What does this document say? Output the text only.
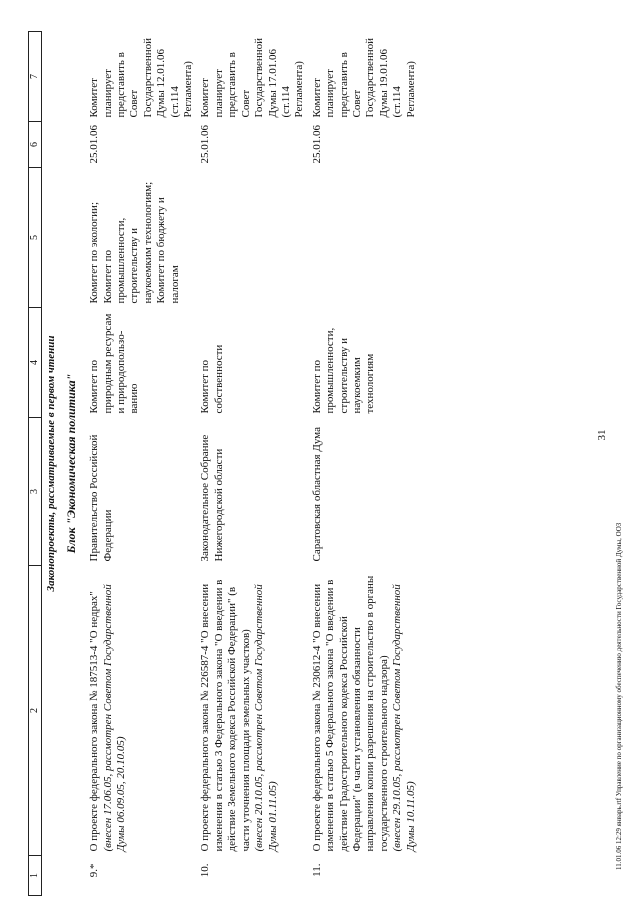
1	2	3	4	5	6	7
Законопроекты, рассматриваемые в первом чтении						
Блок "Экономическая политика"						
9.*	О проекте федерального закона № 187513-4 "О недрах" (внесен 17.06.05, рассмотрен Советом Государственной Думы 06.09.05, 20.10.05)	Правительство Российской Федерации	Комитет по природным ресурсам и природопользо-ванию	Комитет по экологии; Комитет по промышленности, строительству и наукоемким технологиям; Комитет по бюджету и налогам	25.01.06	Комитет планирует представить в Совет Государственной Думы 12.01.06 (ст.114 Регламента)
10.	О проекте федерального закона № 226587-4 "О внесении изменения в статью 3 Федерального закона "О введении в действие Земельного кодекса Российской Федерации" (в части уточнения площади земельных участков) (внесен 20.10.05, рассмотрен Советом Государственной Думы 01.11.05)	Законодательное Собрание Нижегородской области	Комитет по собственности		25.01.06	Комитет планирует представить в Совет Государственной Думы 17.01.06 (ст.114 Регламента)
11.	О проекте федерального закона № 230612-4 "О внесении изменения в статью 5 Федерального закона "О введении в действие Градостроительного кодекса Российской Федерации" (в части установления обязанности направления копии разрешения на строительство в органы государственного строительного надзора) (внесен 29.10.05, рассмотрен Советом Государственной Думы 10.11.05)	Саратовская областная Дума	Комитет по промышленности, строительству и наукоемким технологиям		25.01.06	Комитет планирует представить в Совет Государственной Думы 19.01.06 (ст.114 Регламента)
31
11.01.06 12:29 январь.rtf Управление по организационному обеспечению деятельности Государственной Думы, ООЗ
